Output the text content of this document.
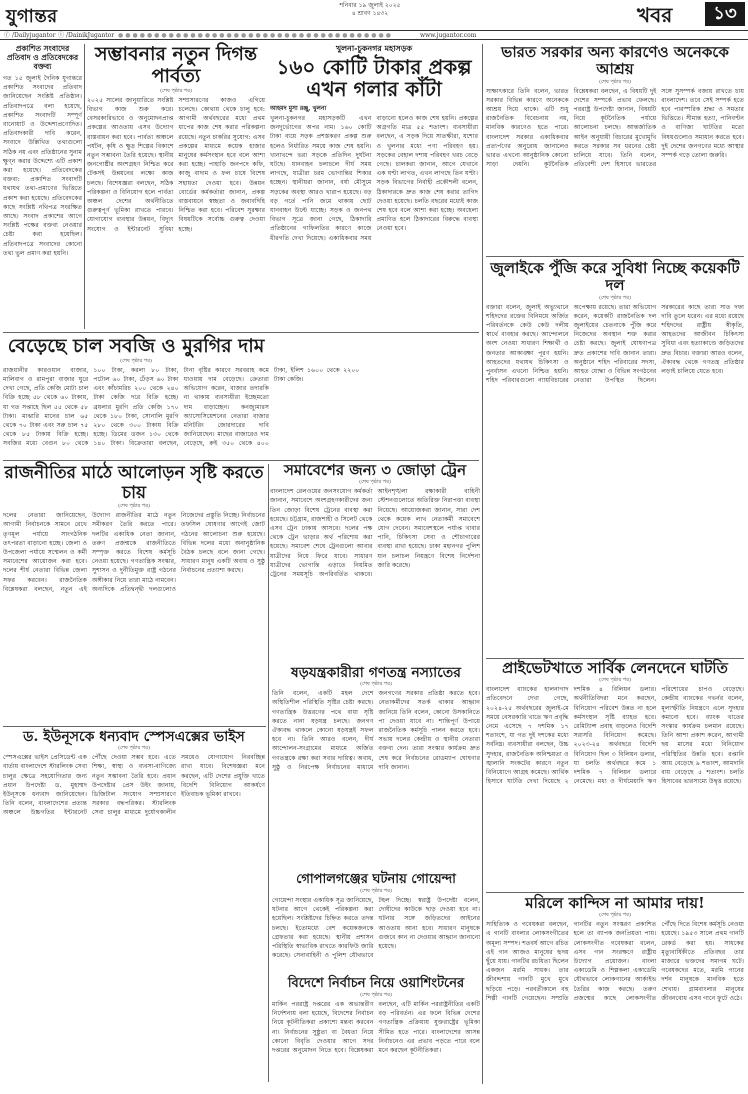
যুগান্তর
শনিবার ১৯ জুলাই ২০২৫
৪ শ্রাবণ ১৪৩২	খবর	১৩
ⓕ /Dailyjugantor ⓣ /DainikJugantor ●●●●●●●●●●●●●●●●●●●●●●●●●●●●●●●●●●●●●●	www.jugantor.com
প্রকাশিত সংবাদের প্রতিবাদ ও প্রতিবেদকের বক্তব্য
গত ১৫ জুলাই দৈনিক যুগান্তরে প্রকাশিত সংবাদের প্রতিবাদ জানিয়েছেন সংশ্লিষ্ট প্রতিষ্ঠান। প্রতিবাদপত্রে বলা হয়েছে, প্রকাশিত সংবাদটি সম্পূর্ণ বানোয়াট ও উদ্দেশ্যপ্রণোদিত। প্রতিবাদকারী দাবি করেন, সংবাদে উল্লিখিত তথ্যগুলো সঠিক নয় এবং প্রতিষ্ঠানের সুনাম ক্ষুণ্ন করার উদ্দেশ্যে এটি প্রকাশ করা হয়েছে। প্রতিবেদকের বক্তব্য: প্রকাশিত সংবাদটি যথাযথ তথ্য-প্রমাণের ভিত্তিতে প্রকাশ করা হয়েছে। প্রতিবেদকের কাছে সংশ্লিষ্ট নথিপত্র সংরক্ষিত আছে। সংবাদ প্রকাশের আগে সংশ্লিষ্ট পক্ষের বক্তব্য নেওয়ার চেষ্টা করা হয়েছিল। প্রতিবাদপত্রে সংবাদের কোনো তথ্য ভুল প্রমাণ করা হয়নি।
সম্ভাবনার নতুন দিগন্ত পার্বত্য
(শেষ পৃষ্ঠার পর)
২০২৫ সালের জানুয়ারিতে সংশ্লিষ্ট বিভাগ কাজ শুরু করে। বেসরকারিভাবে ও অনুমোদনপ্রাপ্ত প্রকল্পের আওতায় এসব উদ্যোগ বাস্তবায়ন করা হবে। পার্বত্য অঞ্চলে পর্যটন, কৃষি ও ক্ষুদ্র শিল্পের বিকাশে নতুন সম্ভাবনা তৈরি হয়েছে। স্থানীয় জনগোষ্ঠীর অংশগ্রহণ নিশ্চিত করে টেকসই উন্নয়নের লক্ষ্যে কাজ চলছে। বিশেষজ্ঞরা বলছেন, সঠিক পরিকল্পনা ও বিনিয়োগ হলে পার্বত্য অঞ্চল দেশের অর্থনীতিতে গুরুত্বপূর্ণ ভূমিকা রাখতে পারবে। যোগাযোগ ব্যবস্থার উন্নয়ন, বিদ্যুৎ সংযোগ ও ইন্টারনেট সুবিধা সম্প্রসারণের কাজও এগিয়ে চলেছে। কোথায় থেকে চালু হবে: আগামী অর্থবছরের মধ্যে প্রথম ধাপের কাজ শেষ করার পরিকল্পনা রয়েছে। নতুন চাকরির সুযোগ: এসব প্রকল্পের মাধ্যমে কয়েক হাজার মানুষের কর্মসংস্থান হবে বলে আশা করা হচ্ছে। পাহাড়ি জনপদে কফি, কাজু বাদাম ও ফল চাষে বিশেষ সহায়তা দেওয়া হবে। উন্নয়ন বোর্ডের কর্মকর্তারা জানান, প্রকল্প বাস্তবায়নে স্বচ্ছতা ও জবাবদিহি নিশ্চিত করা হবে। পরিবেশ সুরক্ষার বিষয়টিকে সর্বোচ্চ গুরুত্ব দেওয়া হচ্ছে।
খুলনা-চুকনগর মহাসড়ক
১৬০ কোটি টাকার প্রকল্প এখন গলার কাঁটা
আহমদ মুসা রঞ্জু, খুলনা
খুলনা-চুকনগর মহাসড়কটি এখন জনদুর্ভোগের অপর নাম। ১৬০ কোটি টাকা ব্যয়ে সড়ক প্রশস্তকরণ প্রকল্প শুরু হলেও নির্ধারিত সময়ে কাজ শেষ হয়নি। খানাখন্দে ভরা সড়কে প্রতিদিন দুর্ঘটনা ঘটছে। যানবাহন চলাচলে দীর্ঘ সময় লাগছে, যাত্রীরা চরম ভোগান্তির শিকার হচ্ছেন। স্থানীয়রা জানান, বর্ষা মৌসুমে সড়কের অবস্থা আরও খারাপ হয়েছে। বড় বড় গর্তে পানি জমে থাকায় ছোট যানবাহন উল্টে যাচ্ছে। সড়ক ও জনপথ বিভাগ সূত্রে জানা গেছে, ঠিকাদারি প্রতিষ্ঠানের গাফিলতির কারণে কাজে ধীরগতি দেখা দিয়েছে। একাধিকবার সময় বাড়ানো হলেও কাজ শেষ হয়নি। প্রকল্পের অগ্রগতি মাত্র ৫৫ শতাংশ। ব্যবসায়ীরা বলছেন, এ সড়ক দিয়ে সাতক্ষীরা, যশোর ও খুলনার মধ্যে পণ্য পরিবহণ হয়। সড়কের বেহাল দশায় পরিবহণ খরচ বেড়ে গেছে। চালকরা জানান, আগে যেখানে এক ঘণ্টা লাগত, এখন লাগছে তিন ঘণ্টা। সড়ক বিভাগের নির্বাহী প্রকৌশলী বলেন, ঠিকাদারকে দ্রুত কাজ শেষ করার তাগিদ দেওয়া হয়েছে। চলতি বছরের মধ্যেই কাজ শেষ হবে বলে আশা করা হচ্ছে। অবহেলা প্রমাণিত হলে ঠিকাদারের বিরুদ্ধে ব্যবস্থা নেওয়া হবে।
ভারত সরকার অন্য কারণেও অনেককে আশ্রয়
(শেষ পৃষ্ঠার পর)
সাক্ষাৎকারে তিনি বলেন, ভারত সরকার বিভিন্ন কারণে অনেককে আশ্রয় দিয়ে থাকে। এটি শুধু রাজনৈতিক বিবেচনায় নয়, মানবিক কারণেও হতে পারে। বাংলাদেশ সরকার একাধিকবার প্রত্যর্পণের অনুরোধ জানালেও ভারত এখনো আনুষ্ঠানিক কোনো সাড়া দেয়নি। কূটনৈতিক বিশ্লেষকরা বলছেন, এ বিষয়টি দুই দেশের সম্পর্কে প্রভাব ফেলছে। পররাষ্ট্র উপদেষ্টা জানান, বিষয়টি নিয়ে কূটনৈতিক পর্যায়ে আলোচনা চলছে। আন্তর্জাতিক আইন অনুযায়ী বিচারের মুখোমুখি করতে সরকার সব ধরনের চেষ্টা চালিয়ে যাবে। তিনি বলেন, প্রতিবেশী দেশ হিসাবে ভারতের সঙ্গে সুসম্পর্ক বজায় রাখতে চায় বাংলাদেশ। তবে সেই সম্পর্ক হতে হবে পারস্পরিক শ্রদ্ধা ও সমতার ভিত্তিতে। সীমান্ত হত্যা, পানিবণ্টন ও বাণিজ্য ঘাটতির মতো বিষয়গুলোও সমাধান করতে হবে। দুই দেশের জনগণের মধ্যে আস্থার সম্পর্ক গড়ে তোলা জরুরি।
জুলাইকে পুঁজি করে সুবিধা নিচ্ছে কয়েকটি দল
(শেষ পৃষ্ঠার পর)
বক্তারা বলেন, জুলাই অভ্যুত্থানে শহিদদের রক্তের বিনিময়ে অর্জিত পরিবর্তনকে কেউ কেউ দলীয় স্বার্থে ব্যবহার করছে। আন্দোলনে অংশ নেওয়া সাধারণ শিক্ষার্থী ও জনতার আকাঙ্ক্ষা পূরণ হয়নি। আহতদের যথাযথ চিকিৎসা ও পুনর্বাসন এখনো নিশ্চিত হয়নি। শহিদ পরিবারগুলো ন্যায়বিচারের অপেক্ষায় রয়েছে। তারা অভিযোগ করেন, কয়েকটি রাজনৈতিক দল জুলাইয়ের চেতনাকে পুঁজি করে নিজেদের অবস্থান শক্ত করার চেষ্টা করছে। জুলাই ঘোষণাপত্র দ্রুত প্রকাশের দাবি জানান তারা। অনুষ্ঠানে শহিদ পরিবারের সদস্য, আহত যোদ্ধা ও বিভিন্ন সংগঠনের নেতারা উপস্থিত ছিলেন। সরকারের কাছে তারা সাত দফা দাবি তুলে ধরেন। এর মধ্যে রয়েছে শহিদদের রাষ্ট্রীয় স্বীকৃতি, আহতদের আজীবন চিকিৎসা সুবিধা এবং হত্যাকাণ্ডে জড়িতদের দ্রুত বিচার। বক্তারা আরও বলেন, ঐক্যবদ্ধ থেকে গণতন্ত্র প্রতিষ্ঠার লড়াই চালিয়ে যেতে হবে।
বেড়েছে চাল সবজি ও মুরগির দাম
(শেষ পৃষ্ঠার পর)
রাজধানীর কারওয়ান বাজার, মালিবাগ ও রামপুরা বাজার ঘুরে দেখা গেছে, প্রতি কেজি মোটা চাল বিক্রি হচ্ছে ৫৮ থেকে ৬০ টাকায়, যা গত সপ্তাহে ছিল ৫৫ থেকে ৫৮ টাকা। মাঝারি মানের চাল ৬৫ থেকে ৭০ টাকা এবং সরু চাল ৭৫ থেকে ৮৫ টাকায় বিক্রি হচ্ছে। সবজির মধ্যে বেগুন ৮০ থেকে ১০০ টাকা, করলা ৮০ টাকা, পটোল ৬০ টাকা, ঢেঁড়স ৬০ টাকা এবং কাঁচামরিচ ২০০ থেকে ২৪০ টাকা কেজি দরে বিক্রি হচ্ছে। ব্রয়লার মুরগি প্রতি কেজি ১৭০ থেকে ১৮০ টাকা, সোনালি মুরগি ২৮০ থেকে ৩০০ টাকায় বিক্রি হচ্ছে। ডিমের ডজন ১৩০ থেকে ১৪০ টাকা। বিক্রেতারা বলছেন, টানা বৃষ্টির কারণে সরবরাহ কমে যাওয়ায় দাম বেড়েছে। ক্রেতারা অভিযোগ করেন, বাজার তদারকি না থাকায় ব্যবসায়ীরা ইচ্ছেমতো দাম বাড়াচ্ছেন। কনজ্যুমারস অ্যাসোসিয়েশনের নেতারা বাজার মনিটরিং জোরদারের দাবি জানিয়েছেন। মাছের বাজারেও দাম বেড়েছে, রুই ৩৫০ থেকে ৪০০ টাকা, ইলিশ ১৬০০ থেকে ২২০০ টাকা কেজি।
সমাবেশের জন্য ৩ জোড়া ট্রেন
(শেষ পৃষ্ঠার পর)
বাংলাদেশ রেলওয়ের জনসংযোগ কর্মকর্তা জানান, সমাবেশে অংশগ্রহণকারীদের জন্য তিন জোড়া বিশেষ ট্রেনের ব্যবস্থা করা হয়েছে। চট্টগ্রাম, রাজশাহী ও সিলেট থেকে এসব ট্রেন ঢাকায় আসবে। দলের পক্ষ থেকে ট্রেন ভাড়ার অর্থ পরিশোধ করা হয়েছে। সমাবেশ শেষে ট্রেনগুলো আবার যাত্রীদের নিয়ে ফিরে যাবে। সাধারণ যাত্রীদের ভোগান্তি এড়াতে নিয়মিত ট্রেনের সময়সূচি অপরিবর্তিত থাকবে। আইনশৃঙ্খলা রক্ষাকারী বাহিনী স্টেশনগুলোতে অতিরিক্ত নিরাপত্তা ব্যবস্থা নিয়েছে। আয়োজকরা জানান, সারা দেশ থেকে কয়েক লাখ নেতাকর্মী সমাবেশে যোগ দেবেন। সমাবেশস্থলে পর্যাপ্ত খাবার পানি, চিকিৎসা সেবা ও শৌচাগারের ব্যবস্থা রাখা হয়েছে। ঢাকা মহানগর পুলিশ যান চলাচল নিয়ন্ত্রণে বিশেষ নির্দেশনা জারি করেছে।
রাজনীতির মাঠে আলোড়ন সৃষ্টি করতে চায়
(শেষ পৃষ্ঠার পর)
দলের নেতারা জানিয়েছেন, আগামী নির্বাচনকে সামনে রেখে তৃণমূল পর্যায়ে সাংগঠনিক তৎপরতা বাড়ানো হচ্ছে। জেলা ও উপজেলা পর্যায়ে সম্মেলন ও কর্মী সমাবেশের আয়োজন করা হবে। দলের শীর্ষ নেতারা বিভিন্ন জেলা সফর করবেন। রাজনৈতিক বিশ্লেষকরা বলছেন, নতুন এই উদ্যোগ রাজনীতির মাঠে নতুন সমীকরণ তৈরি করতে পারে। দলটির একাধিক নেতা জানান, তরুণ প্রজন্মকে রাজনীতিতে সম্পৃক্ত করতে বিশেষ কর্মসূচি নেওয়া হয়েছে। গণতান্ত্রিক সংস্কার, সুশাসন ও দুর্নীতিমুক্ত রাষ্ট্র গঠনের অঙ্গীকার নিয়ে তারা মাঠে নামবেন। অন্যদিকে প্রতিদ্বন্দ্বী দলগুলোও নিজেদের প্রস্তুতি নিচ্ছে। নির্বাচনের তফসিল ঘোষণার আগেই জোট গঠনের আলোচনা শুরু হয়েছে। বিভিন্ন দলের মধ্যে অনানুষ্ঠানিক বৈঠক চলছে বলে জানা গেছে। সাধারণ মানুষ একটি অবাধ ও সুষ্ঠু নির্বাচনের প্রত্যাশা করছে।
ষড়যন্ত্রকারীরা গণতন্ত্র নস্যাতের
(শেষ পৃষ্ঠার পর)
তিনি বলেন, একটি মহল দেশে অস্থিতিশীল পরিস্থিতি সৃষ্টির চেষ্টা করছে। গণতান্ত্রিক উত্তরণের পথে বাধা সৃষ্টি করতে নানা ষড়যন্ত্র চলছে। জনগণ ঐক্যবদ্ধ থাকলে কোনো ষড়যন্ত্রই সফল হবে না। তিনি আরও বলেন, দীর্ঘ আন্দোলন-সংগ্রামের মাধ্যমে অর্জিত গণতন্ত্রকে রক্ষা করা সবার দায়িত্ব। অবাধ, সুষ্ঠু ও নিরপেক্ষ নির্বাচনের মাধ্যমে জনগণের সরকার প্রতিষ্ঠা করতে হবে। নেতাকর্মীদের সতর্ক থাকার আহ্বান জানিয়ে তিনি বলেন, কোনো উসকানিতে পা দেওয়া যাবে না। শান্তিপূর্ণ উপায়ে রাজনৈতিক কর্মসূচি পালন করতে হবে। সভায় দলের কেন্দ্রীয় ও স্থানীয় নেতারা বক্তব্য দেন। তারা সংস্কার কার্যক্রম দ্রুত শেষ করে নির্বাচনের রোডম্যাপ ঘোষণার দাবি জানান।
ড. ইউনূসকে ধন্যবাদ স্পেসএক্সের ভাইস
(শেষ পৃষ্ঠার পর)
স্পেসএক্সের ভাইস প্রেসিডেন্ট এক বার্তায় বাংলাদেশে স্টারলিংক সেবা চালুর ক্ষেত্রে সহযোগিতার জন্য প্রধান উপদেষ্টা ড. মুহাম্মদ ইউনূসকে ধন্যবাদ জানিয়েছেন। তিনি বলেন, বাংলাদেশের প্রত্যন্ত অঞ্চলে উচ্চগতির ইন্টারনেট পৌঁছে দেওয়া সম্ভব হবে। এতে শিক্ষা, স্বাস্থ্য ও ব্যবসা-বাণিজ্যে নতুন সম্ভাবনা তৈরি হবে। প্রধান উপদেষ্টার প্রেস উইং জানায়, ডিজিটাল সংযোগ সম্প্রসারণে সরকার বদ্ধপরিকর। স্টারলিংক সেবা চালুর মাধ্যমে দুর্যোগকালীন সময়েও যোগাযোগ নিরবচ্ছিন্ন রাখা যাবে। বিশেষজ্ঞরা মনে করছেন, এটি দেশের প্রযুক্তি খাতে বিদেশি বিনিয়োগ আকর্ষণে ইতিবাচক ভূমিকা রাখবে।
গোপালগঞ্জের ঘটনায় গোয়েন্দা
(শেষ পৃষ্ঠার পর)
গোয়েন্দা সংস্থার একাধিক সূত্র জানিয়েছে, ঘটনার আগে থেকেই পরিকল্পনা করা হয়েছিল। সংশ্লিষ্টদের চিহ্নিত করতে তদন্ত চলছে। ইতোমধ্যে বেশ কয়েকজনকে গ্রেফতার করা হয়েছে। স্থানীয় প্রশাসন পরিস্থিতি স্বাভাবিক রাখতে কারফিউ জারি করেছে। সেনাবাহিনী ও পুলিশ যৌথভাবে টহল দিচ্ছে। স্বরাষ্ট্র উপদেষ্টা বলেন, দোষীদের কাউকে ছাড় দেওয়া হবে না। ঘটনার সঙ্গে জড়িতদের আইনের আওতায় আনা হবে। সাধারণ মানুষকে গুজবে কান না দেওয়ার আহ্বান জানানো হয়েছে।
বিদেশে নির্বাচন নিয়ে ওয়াশিংটনের
(শেষ পৃষ্ঠার পর)
মার্কিন পররাষ্ট্র দপ্তরের এক অভ্যন্তরীণ নির্দেশনায় বলা হয়েছে, বিদেশের নির্বাচন নিয়ে কূটনীতিকরা প্রকাশ্যে মন্তব্য করবেন না। নির্বাচনের সুষ্ঠুতা বা বৈধতা নিয়ে কোনো বিবৃতি দেওয়ার আগে সদর দপ্তরের অনুমোদন নিতে হবে। বিশ্লেষকরা বলছেন, এটি মার্কিন পররাষ্ট্রনীতির একটি বড় পরিবর্তন। এর ফলে বিভিন্ন দেশের গণতান্ত্রিক প্রক্রিয়ায় যুক্তরাষ্ট্রের ভূমিকা সীমিত হতে পারে। বাংলাদেশের আসন্ন নির্বাচনেও এর প্রভাব পড়তে পারে বলে মনে করছেন কূটনীতিকরা।
প্রাইভেটখাতে সার্বিক লেনদেনে ঘাটতি
(শেষ পৃষ্ঠার পর)
বাংলাদেশ ব্যাংকের হালনাগাদ প্রতিবেদনে দেখা গেছে, ২০২৪-২৫ অর্থবছরের জুলাই-মে সময়ে বেসরকারি খাতে ঋণ প্রবৃদ্ধি নেমে এসেছে ৭ দশমিক ১৭ শতাংশে, যা গত দুই দশকের মধ্যে সর্বনিম্ন। ব্যবসায়ীরা বলছেন, উচ্চ সুদহার, রাজনৈতিক অনিশ্চয়তা ও জ্বালানি সংকটের কারণে নতুন বিনিয়োগে আগ্রহ কমেছে। আর্থিক হিসাবে ঘাটতি দেখা দিয়েছে ২ দশমিক ৪ বিলিয়ন ডলার। অর্থনীতিবিদরা মনে করছেন, বিনিয়োগ পরিবেশ উন্নত না হলে কর্মসংস্থান সৃষ্টি ব্যাহত হবে। রেমিট্যান্স প্রবাহ বাড়লেও বিদেশি সরাসরি বিনিয়োগ কমেছে। ২০২৩-২৪ অর্থবছরে বিদেশি বিনিয়োগ ছিল ৩ বিলিয়ন ডলার, যা চলতি অর্থবছরে কমে ১ দশমিক ৭ বিলিয়ন ডলারে নেমেছে। মধ্য ও দীর্ঘমেয়াদি ঋণ পরিশোধের চাপও বেড়েছে। কেন্দ্রীয় ব্যাংকের গভর্নর বলেন, মূল্যস্ফীতি নিয়ন্ত্রণে এলে সুদহার কমানো হবে। ব্যাংক খাতের সংস্কার কার্যক্রম চলমান রয়েছে। তিনি আশা প্রকাশ করেন, আগামী ছয় মাসের মধ্যে বিনিয়োগ পরিস্থিতির উন্নতি হবে। রপ্তানি আয় বেড়েছে ৯ শতাংশ, আমদানি ব্যয় বেড়েছে ৫ শতাংশ। চলতি হিসাবের ভারসাম্যে উদ্বৃত্ত রয়েছে।
মরিলে কান্দিস না আমার দায়!
(শেষ পৃষ্ঠার পর)
সাহিত্যিক ও গবেষকরা বলছেন, এ গানটি বাংলার লোকসংগীতের অমূল্য সম্পদ। শতবর্ষ আগে রচিত এই গান আজও মানুষের হৃদয় ছুঁয়ে যায়। গানটির রচয়িতা ছিলেন একজন মরমি সাধক। তার জীবদ্দশায় গানটি মুখে মুখে ছড়িয়ে পড়ে। পরবর্তীকালে বহু শিল্পী গানটি গেয়েছেন। সম্প্রতি গানটির নতুন সংস্করণ প্রকাশিত হলে তা ব্যাপক জনপ্রিয়তা পায়। লোকসংগীত গবেষকরা বলেন, এসব গান সংরক্ষণে রাষ্ট্রীয় উদ্যোগ প্রয়োজন। বাংলা একাডেমি ও শিল্পকলা একাডেমি যৌথভাবে লোকগানের আর্কাইভ তৈরির কাজ করছে। তরুণ প্রজন্মের কাছে লোকসংগীত পৌঁছে দিতে বিশেষ কর্মসূচি নেওয়া হয়েছে। ১৯৫৩ সালে প্রথম গানটি রেকর্ড করা হয়। সাধকের মৃত্যুবার্ষিকীতে প্রতিবছর তার মাজারে ভক্তদের সমাগম ঘটে। গবেষকদের মতে, মরমি গানের দর্শন মানুষকে মানবিক হতে শেখায়। গ্রামবাংলার মানুষের জীবনবোধ এসব গানে ফুটে ওঠে।
